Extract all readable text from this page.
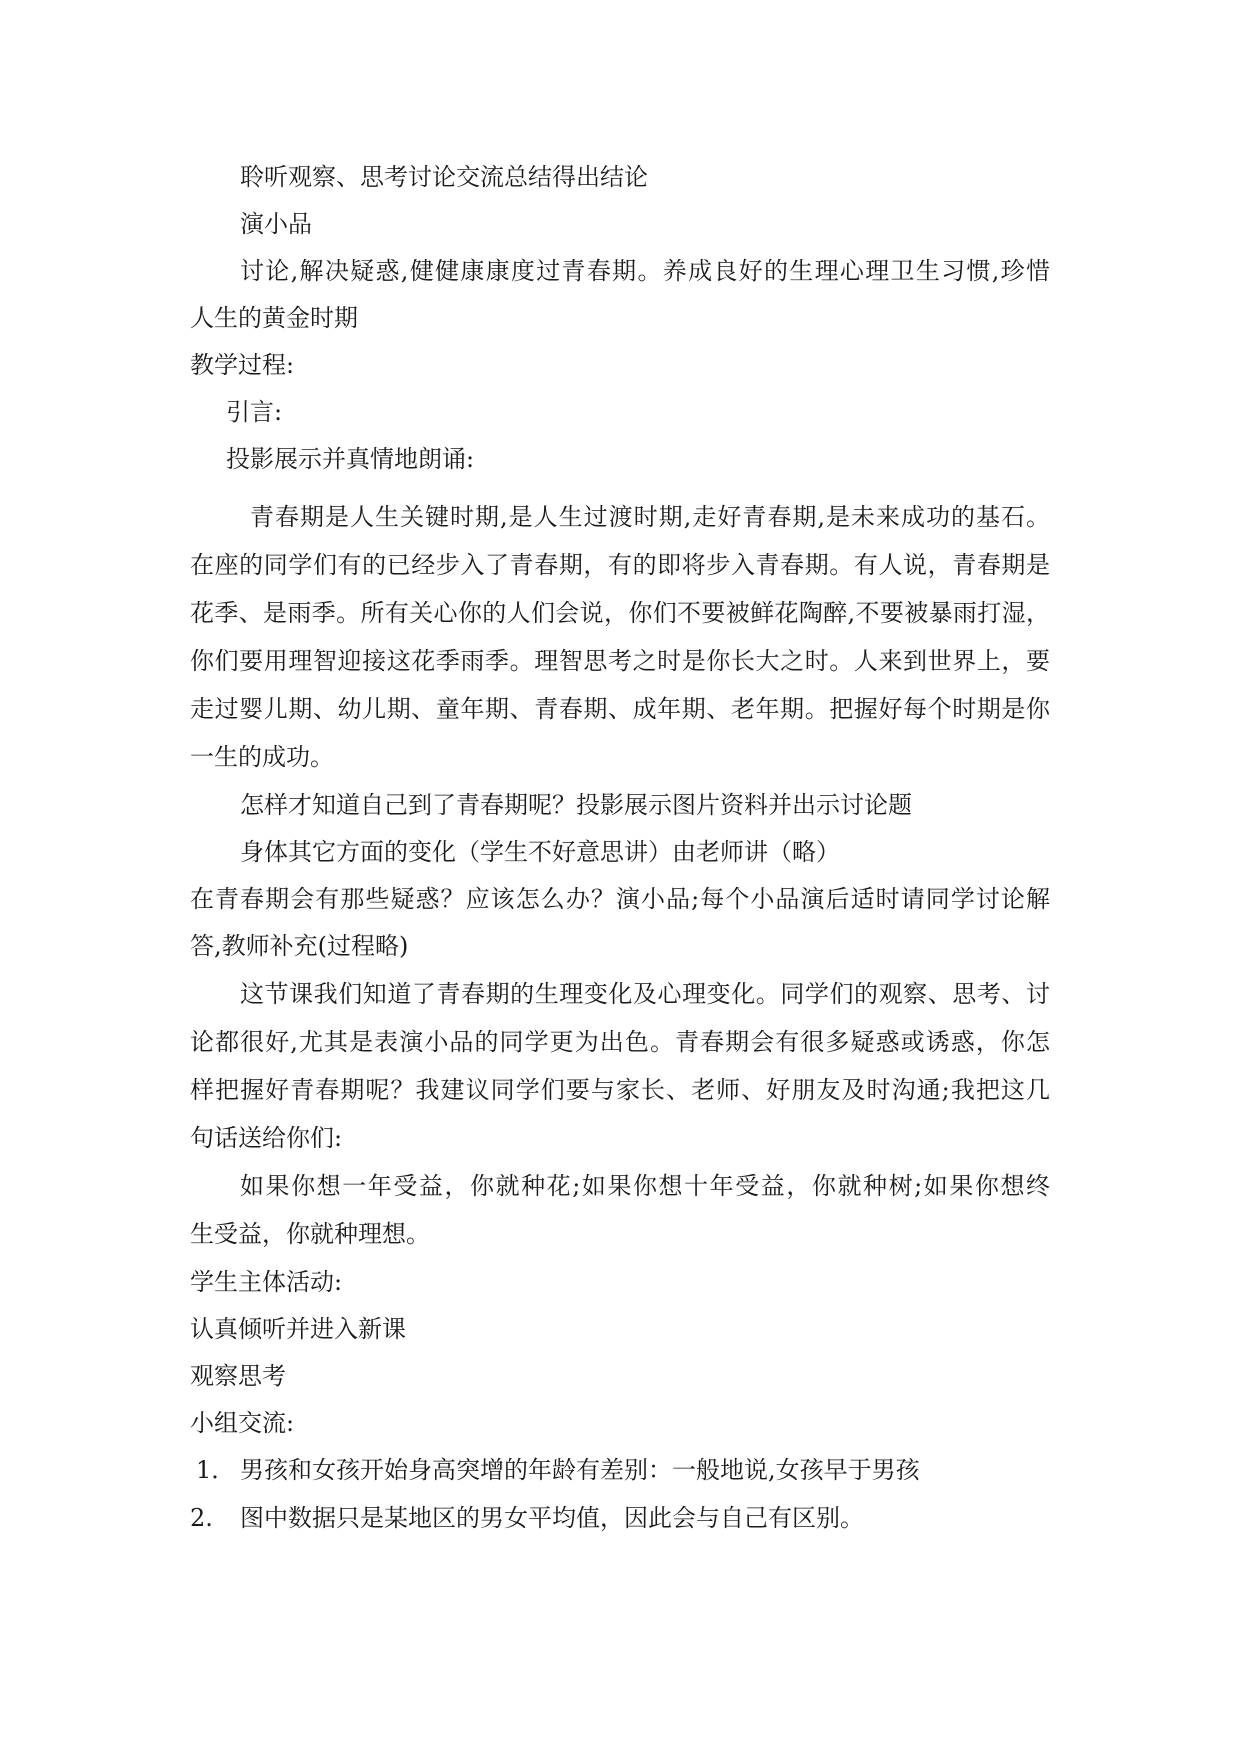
聆听观察、思考讨论交流总结得出结论
演小品
讨论,解决疑惑,健健康康度过青春期。养成良好的生理心理卫生习惯,珍惜
人生的黄金时期
教学过程:
引言:
投影展示并真情地朗诵:
青春期是人生关键时期,是人生过渡时期,走好青春期,是未来成功的基石。
在座的同学们有的已经步入了青春期，有的即将步入青春期。有人说，青春期是
花季、是雨季。所有关心你的人们会说，你们不要被鲜花陶醉,不要被暴雨打湿，
你们要用理智迎接这花季雨季。理智思考之时是你长大之时。人来到世界上，要
走过婴儿期、幼儿期、童年期、青春期、成年期、老年期。把握好每个时期是你
一生的成功。
怎样才知道自己到了青春期呢？投影展示图片资料并出示讨论题
身体其它方面的变化（学生不好意思讲）由老师讲（略）
在青春期会有那些疑惑？应该怎么办？演小品;每个小品演后适时请同学讨论解
答,教师补充(过程略)
这节课我们知道了青春期的生理变化及心理变化。同学们的观察、思考、讨
论都很好,尤其是表演小品的同学更为出色。青春期会有很多疑惑或诱惑，你怎
样把握好青春期呢？我建议同学们要与家长、老师、好朋友及时沟通;我把这几
句话送给你们:
如果你想一年受益，你就种花;如果你想十年受益，你就种树;如果你想终
生受益，你就种理想。
学生主体活动:
认真倾听并进入新课
观察思考
小组交流:
1． 男孩和女孩开始身高突增的年龄有差别：一般地说,女孩早于男孩
2. 图中数据只是某地区的男女平均值，因此会与自己有区别。
